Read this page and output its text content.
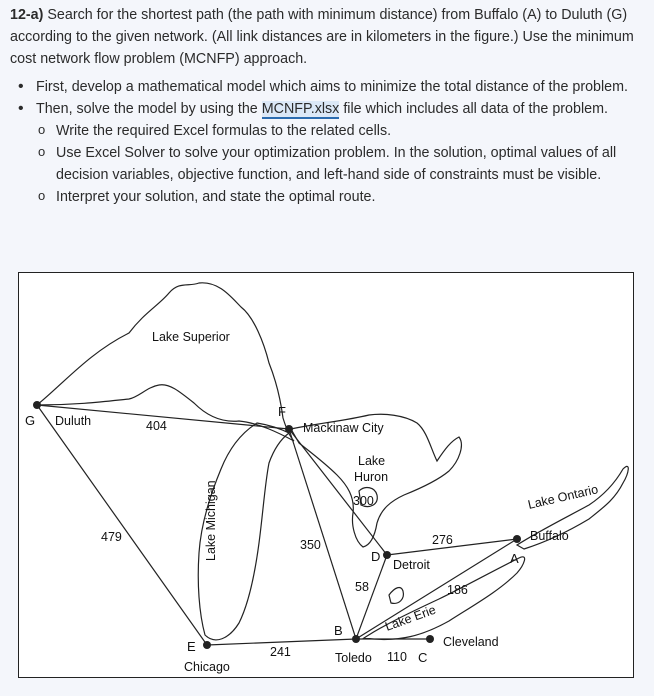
12-a) Search for the shortest path (the path with minimum distance) from Buffalo (A) to Duluth (G) according to the given network. (All link distances are in kilometers in the figure.) Use the minimum cost network flow problem (MCNFP) approach.

• First, develop a mathematical model which aims to minimize the total distance of the problem.
• Then, solve the model by using the MCNFP.xlsx file which includes all data of the problem.
o Write the required Excel formulas to the related cells.
o Use Excel Solver to solve your optimization problem. In the solution, optimal values of all decision variables, objective function, and left-hand side of constraints must be visible.
o Interpret your solution, and state the optimal route.
Lake Superior
Lake
Huron
Lake Michigan	Lake Ontario
Lake Erie
G Duluth
F
Mackinaw City
D
Detroit	A
Buffalo
E
Chicago
B
Toledo	C
Cleveland
404
479
350
300
276
58	186
241	110
